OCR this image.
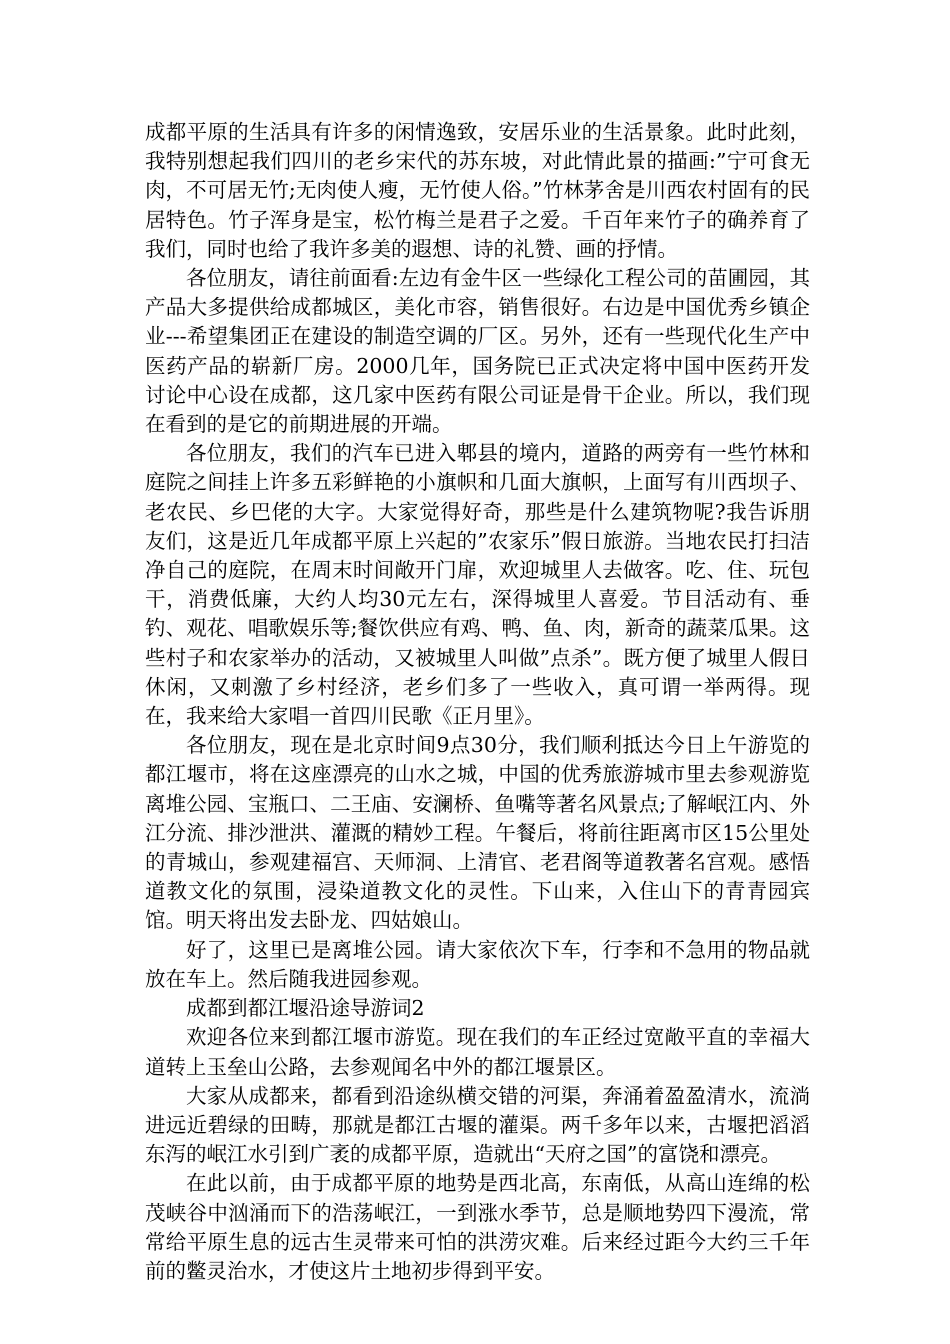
成都平原的生活具有许多的闲情逸致，安居乐业的生活景象。此时此刻，我特别想起我们四川的老乡宋代的苏东坡，对此情此景的描画:”宁可食无肉，不可居无竹;无肉使人瘦，无竹使人俗。”竹林茅舍是川西农村固有的民居特色。竹子浑身是宝，松竹梅兰是君子之爱。千百年来竹子的确养育了我们，同时也给了我许多美的遐想、诗的礼赞、画的抒情。

各位朋友，请往前面看:左边有金牛区一些绿化工程公司的苗圃园，其产品大多提供给成都城区，美化市容，销售很好。右边是中国优秀乡镇企业---希望集团正在建设的制造空调的厂区。另外，还有一些现代化生产中医药产品的崭新厂房。2000几年，国务院已正式决定将中国中医药开发讨论中心设在成都，这几家中医药有限公司证是骨干企业。所以，我们现在看到的是它的前期进展的开端。

各位朋友，我们的汽车已进入郫县的境内，道路的两旁有一些竹林和庭院之间挂上许多五彩鲜艳的小旗帜和几面大旗帜，上面写有川西坝子、老农民、乡巴佬的大字。大家觉得好奇，那些是什么建筑物呢?我告诉朋友们，这是近几年成都平原上兴起的”农家乐”假日旅游。当地农民打扫洁净自己的庭院，在周末时间敞开门扉，欢迎城里人去做客。吃、住、玩包干，消费低廉，大约人均30元左右，深得城里人喜爱。节目活动有、垂钓、观花、唱歌娱乐等;餐饮供应有鸡、鸭、鱼、肉，新奇的蔬菜瓜果。这些村子和农家举办的活动，又被城里人叫做”点杀”。既方便了城里人假日休闲，又刺激了乡村经济，老乡们多了一些收入，真可谓一举两得。现在，我来给大家唱一首四川民歌《正月里》。

各位朋友，现在是北京时间9点30分，我们顺利抵达今日上午游览的都江堰市，将在这座漂亮的山水之城，中国的优秀旅游城市里去参观游览离堆公园、宝瓶口、二王庙、安澜桥、鱼嘴等著名风景点;了解岷江内、外江分流、排沙泄洪、灌溉的精妙工程。午餐后，将前往距离市区15公里处的青城山，参观建福宫、天师洞、上清官、老君阁等道教著名宫观。感悟道教文化的氛围，浸染道教文化的灵性。下山来，入住山下的青青园宾馆。明天将出发去卧龙、四姑娘山。

好了，这里已是离堆公园。请大家依次下车，行李和不急用的物品就放在车上。然后随我进园参观。

成都到都江堰沿途导游词2

欢迎各位来到都江堰市游览。现在我们的车正经过宽敞平直的幸福大道转上玉垒山公路，去参观闻名中外的都江堰景区。

大家从成都来，都看到沿途纵横交错的河渠，奔涌着盈盈清水，流淌进远近碧绿的田畴，那就是都江古堰的灌渠。两千多年以来，古堰把滔滔东泻的岷江水引到广袤的成都平原，造就出“天府之国”的富饶和漂亮。

在此以前，由于成都平原的地势是西北高，东南低，从高山连绵的松茂峡谷中汹涌而下的浩荡岷江，一到涨水季节，总是顺地势四下漫流，常常给平原生息的远古生灵带来可怕的洪涝灾难。后来经过距今大约三千年前的鳖灵治水，才使这片土地初步得到平安。
